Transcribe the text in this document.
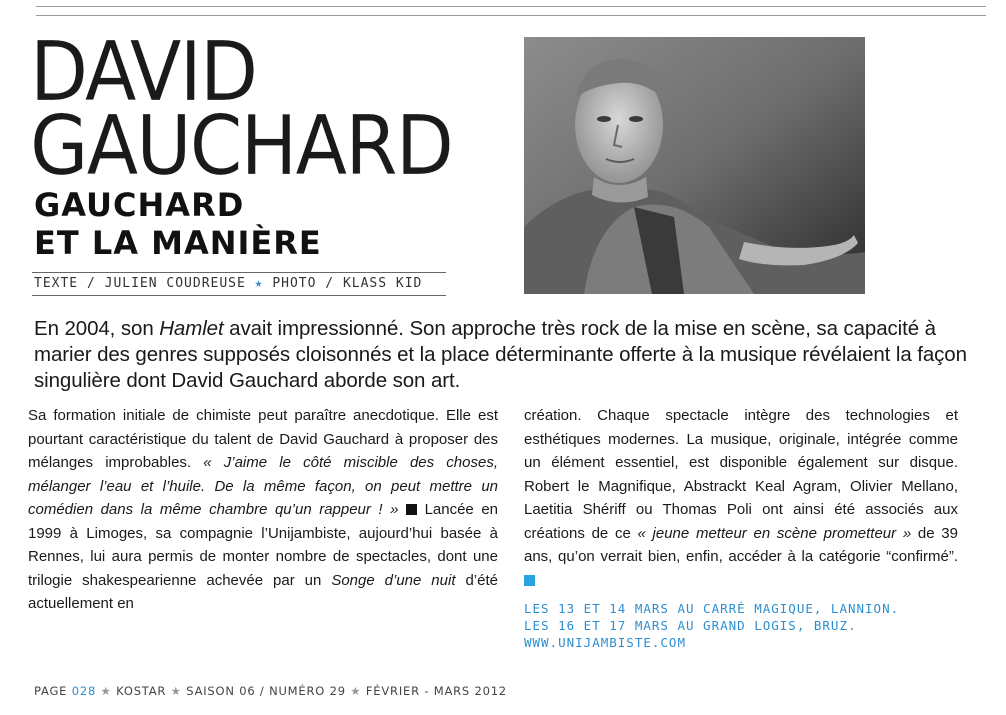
DAVID
GAUCHARD
GAUCHARD
ET LA MANIÈRE
TEXTE / JULIEN COUDREUSE ★ PHOTO / KLASS KID

En 2004, son Hamlet avait impressionné. Son approche très rock de la mise en scène, sa capacité à marier des genres supposés cloisonnés et la place déterminante offerte à la musique révélaient la façon singulière dont David Gauchard aborde son art.

Sa formation initiale de chimiste peut paraître anecdotique. Elle est pourtant caractéristique du talent de David Gauchard à proposer des mélanges improbables. « J’aime le côté miscible des choses, mélanger l’eau et l’huile. De la même façon, on peut mettre un comédien dans la même chambre qu’un rappeur ! »  Lancée en 1999 à Limoges, sa compagnie l’Unijambiste, aujourd’hui basée à Rennes, lui aura permis de monter nombre de spectacles, dont une trilogie shakespearienne achevée par un Songe d’une nuit d’été actuellement en

création. Chaque spectacle intègre des technologies et esthétiques modernes. La musique, originale, intégrée comme un élément essentiel, est disponible également sur disque. Robert le Magnifique, Abstrackt Keal Agram, Olivier Mellano, Laetitia Shériff ou Thomas Poli ont ainsi été associés aux créations de ce « jeune metteur en scène prometteur » de 39 ans, qu’on verrait bien, enfin, accéder à la catégorie “confirmé”.

LES 13 ET 14 MARS AU CARRÉ MAGIQUE, LANNION.
LES 16 ET 17 MARS AU GRAND LOGIS, BRUZ.
WWW.UNIJAMBISTE.COM
PAGE 028 ★ KOSTAR ★ SAISON 06 / NUMÉRO 29 ★ FÉVRIER - MARS 2012
